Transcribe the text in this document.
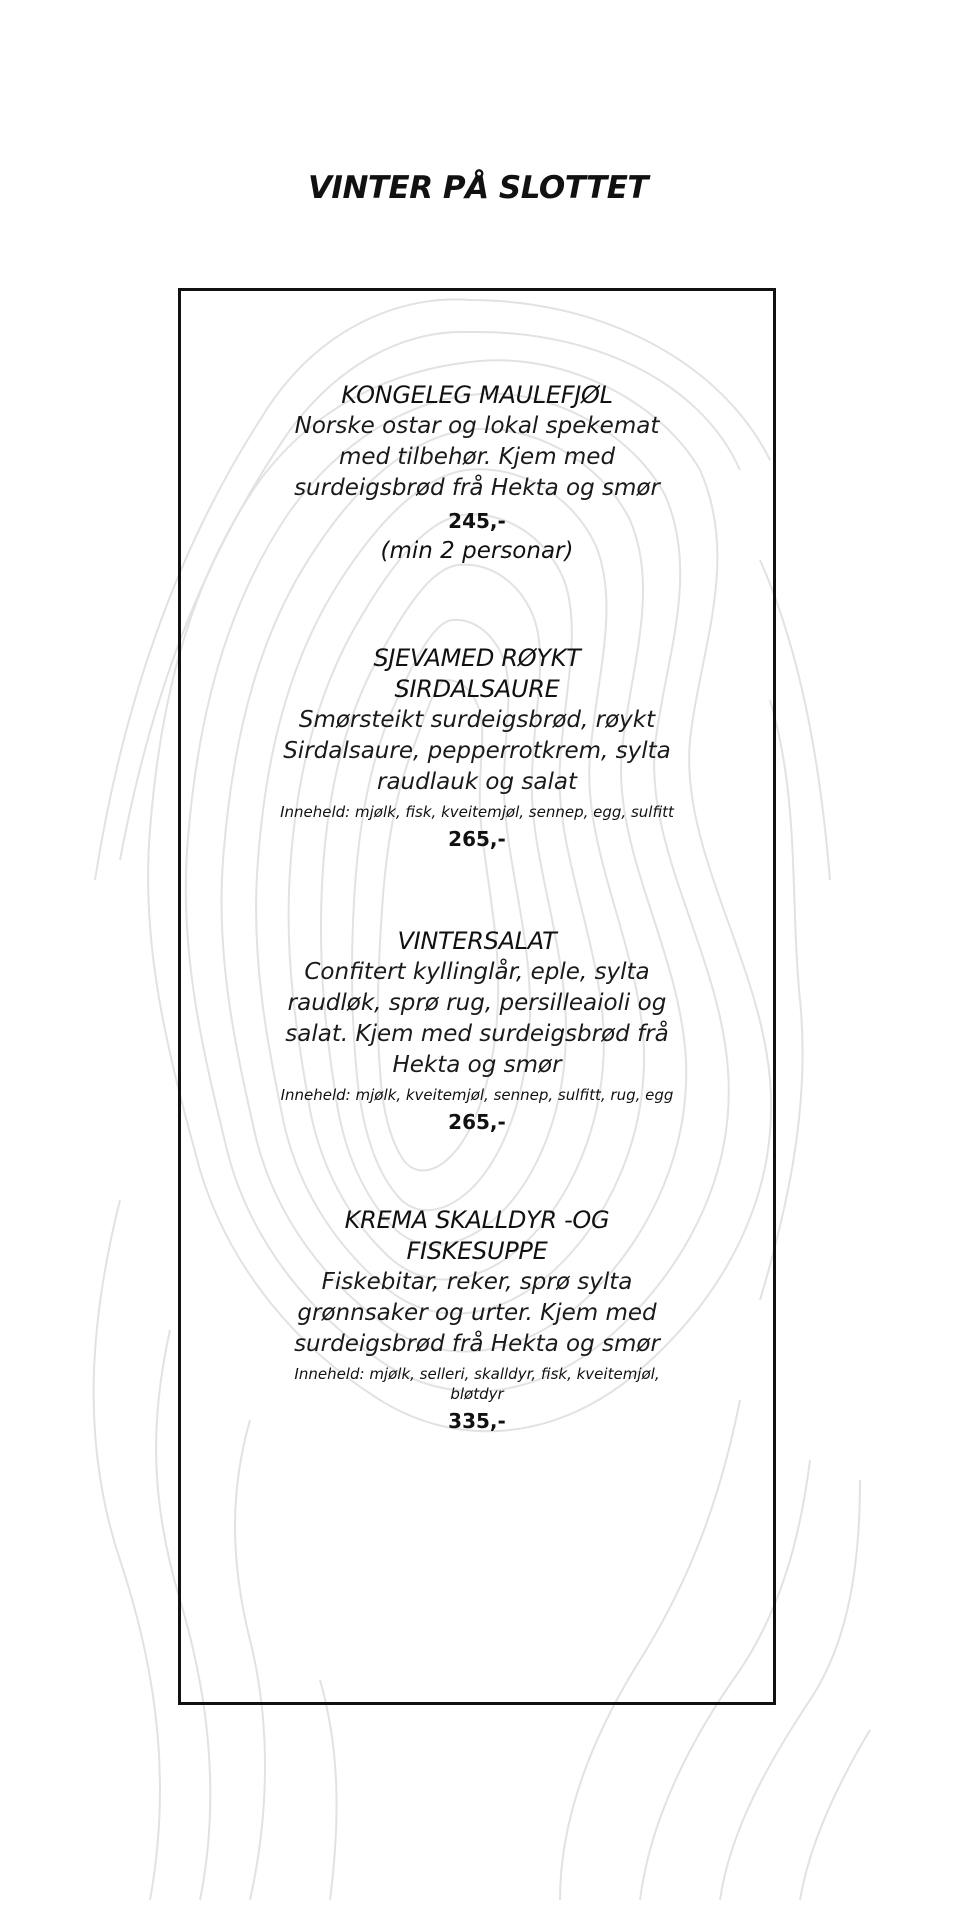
VINTER PÅ SLOTTET
KONGELEG MAULEFJØL
Norske ostar og lokal spekemat med tilbehør. Kjem med surdeigsbrød frå Hekta og smør
245,-
(min 2 personar)
SJEVAMED RØYKT SIRDALSAURE
Smørsteikt surdeigsbrød, røykt Sirdalsaure, pepperrotkrem, sylta raudlauk og salat
Inneheld: mjølk, fisk, kveitemjøl, sennep, egg, sulfitt
265,-
VINTERSALAT
Confitert kyllinglår, eple, sylta raudløk, sprø rug, persilleaioli og salat. Kjem med surdeigsbrød frå Hekta og smør
Inneheld: mjølk, kveitemjøl, sennep, sulfitt, rug, egg
265,-
KREMA SKALLDYR -OG FISKESUPPE
Fiskebitar, reker, sprø sylta grønnsaker og urter. Kjem med surdeigsbrød frå Hekta og smør
Inneheld: mjølk, selleri, skalldyr, fisk, kveitemjøl, bløtdyr
335,-
